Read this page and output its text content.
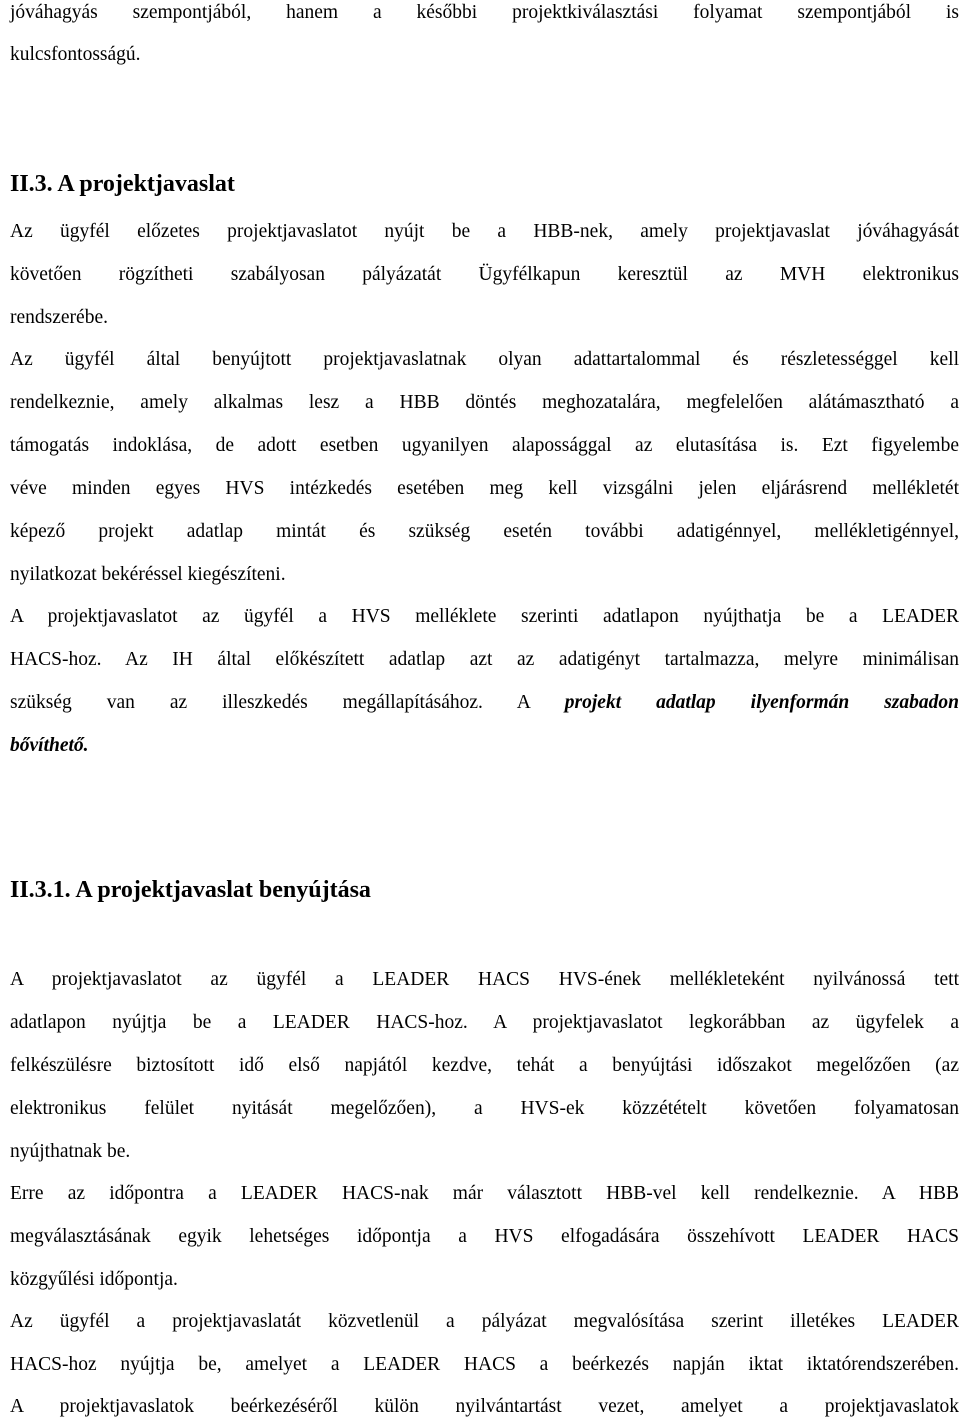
jóváhagyás szempontjából, hanem a későbbi projektkiválasztási folyamat szempontjából is
kulcsfontosságú.
II.3. A projektjavaslat
Az ügyfél előzetes projektjavaslatot nyújt be a HBB-nek, amely projektjavaslat jóváhagyását
követően rögzítheti szabályosan pályázatát Ügyfélkapun keresztül az MVH elektronikus
rendszerébe.
Az ügyfél által benyújtott projektjavaslatnak olyan adattartalommal és részletességgel kell
rendelkeznie, amely alkalmas lesz a HBB döntés meghozatalára, megfelelően alátámasztható a
támogatás indoklása, de adott esetben ugyanilyen alapossággal az elutasítása is. Ezt figyelembe
véve minden egyes HVS intézkedés esetében meg kell vizsgálni jelen eljárásrend mellékletét
képező projekt adatlap mintát és szükség esetén további adatigénnyel, mellékletigénnyel,
nyilatkozat bekéréssel kiegészíteni.
A projektjavaslatot az ügyfél a HVS melléklete szerinti adatlapon nyújthatja be a LEADER
HACS-hoz. Az IH által előkészített adatlap azt az adatigényt tartalmazza, melyre minimálisan
szükség van az illeszkedés megállapításához. A projekt adatlap ilyenformán szabadon
bővíthető.
II.3.1. A projektjavaslat benyújtása
A projektjavaslatot az ügyfél a LEADER HACS HVS-ének mellékleteként nyilvánossá tett
adatlapon nyújtja be a LEADER HACS-hoz. A projektjavaslatot legkorábban az ügyfelek a
felkészülésre biztosított idő első napjától kezdve, tehát a benyújtási időszakot megelőzően (az
elektronikus felület nyitását megelőzően), a HVS-ek közzétételt követően folyamatosan
nyújthatnak be.
Erre az időpontra a LEADER HACS-nak már választott HBB-vel kell rendelkeznie. A HBB
megválasztásának egyik lehetséges időpontja a HVS elfogadására összehívott LEADER HACS
közgyűlési időpontja.
Az ügyfél a projektjavaslatát közvetlenül a pályázat megvalósítása szerint illetékes LEADER
HACS-hoz nyújtja be, amelyet a LEADER HACS a beérkezés napján iktat iktatórendszerében.
A projektjavaslatok beérkezéséről külön nyilvántartást vezet, amelyet a projektjavaslatok
